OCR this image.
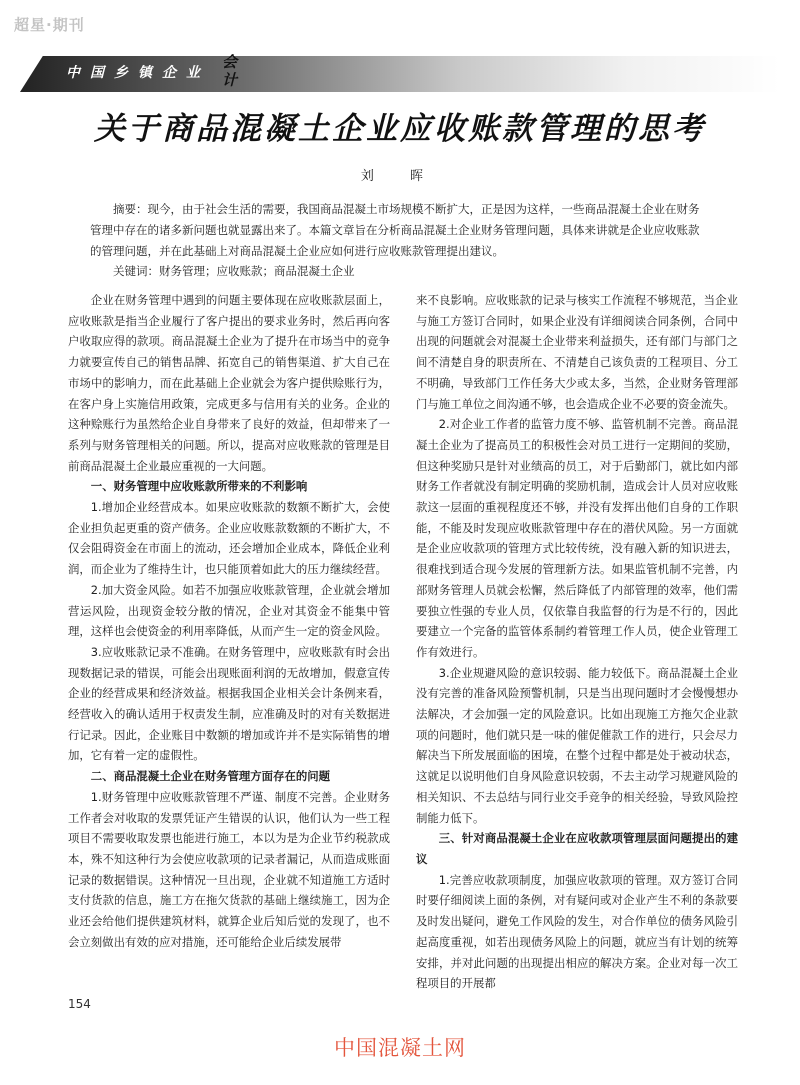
超星·期刊
中国乡镇企业
会计
关于商品混凝土企业应收账款管理的思考
刘 晖

摘要：现今，由于社会生活的需要，我国商品混凝土市场规模不断扩大，正是因为这样，一些商品混凝土企业在财务管理中存在的诸多新问题也就显露出来了。本篇文章旨在分析商品混凝土企业财务管理问题，具体来讲就是企业应收账款的管理问题，并在此基础上对商品混凝土企业应如何进行应收账款管理提出建议。

关键词：财务管理；应收账款；商品混凝土企业

企业在财务管理中遇到的问题主要体现在应收账款层面上，应收账款是指当企业履行了客户提出的要求业务时，然后再向客户收取应得的款项。商品混凝土企业为了提升在市场当中的竞争力就要宣传自己的销售品牌、拓宽自己的销售渠道、扩大自己在市场中的影响力，而在此基础上企业就会为客户提供赊账行为，在客户身上实施信用政策，完成更多与信用有关的业务。企业的这种赊账行为虽然给企业自身带来了良好的效益，但却带来了一系列与财务管理相关的问题。所以，提高对应收账款的管理是目前商品混凝土企业最应重视的一大问题。

一、财务管理中应收账款所带来的不利影响

1.增加企业经营成本。如果应收账款的数额不断扩大，会使企业担负起更重的资产债务。企业应收账款数额的不断扩大，不仅会阻碍资金在市面上的流动，还会增加企业成本，降低企业利润，而企业为了维持生计，也只能顶着如此大的压力继续经营。

2.加大资金风险。如若不加强应收账款管理，企业就会增加营运风险，出现资金较分散的情况，企业对其资金不能集中管理，这样也会使资金的利用率降低，从而产生一定的资金风险。

3.应收账款记录不准确。在财务管理中，应收账款有时会出现数据记录的错误，可能会出现账面利润的无故增加，假意宣传企业的经营成果和经济效益。根据我国企业相关会计条例来看，经营收入的确认适用于权责发生制，应准确及时的对有关数据进行记录。因此，企业账目中数额的增加或许并不是实际销售的增加，它有着一定的虚假性。

二、商品混凝土企业在财务管理方面存在的问题

1.财务管理中应收账款管理不严谨、制度不完善。企业财务工作者会对收取的发票凭证产生错误的认识，他们认为一些工程项目不需要收取发票也能进行施工，本以为是为企业节约税款成本，殊不知这种行为会使应收款项的记录者漏记，从而造成账面记录的数据错误。这种情况一旦出现，企业就不知道施工方适时支付货款的信息，施工方在拖欠货款的基础上继续施工，因为企业还会给他们提供建筑材料，就算企业后知后觉的发现了，也不会立刻做出有效的应对措施，还可能给企业后续发展带

来不良影响。应收账款的记录与核实工作流程不够规范，当企业与施工方签订合同时，如果企业没有详细阅读合同条例，合同中出现的问题就会对混凝土企业带来利益损失，还有部门与部门之间不清楚自身的职责所在、不清楚自己该负责的工程项目、分工不明确，导致部门工作任务大少或太多，当然，企业财务管理部门与施工单位之间沟通不够，也会造成企业不必要的资金流失。

2.对企业工作者的监管力度不够、监管机制不完善。商品混凝土企业为了提高员工的积极性会对员工进行一定期间的奖励，但这种奖励只是针对业绩高的员工，对于后勤部门，就比如内部财务工作者就没有制定明确的奖励机制，造成会计人员对应收账款这一层面的重视程度还不够，并没有发挥出他们自身的工作职能，不能及时发现应收账款管理中存在的潜伏风险。另一方面就是企业应收款项的管理方式比较传统，没有融入新的知识进去，很难找到适合现今发展的管理新方法。如果监管机制不完善，内部财务管理人员就会松懈，然后降低了内部管理的效率，他们需要独立性强的专业人员，仅依靠自我监督的行为是不行的，因此要建立一个完备的监管体系制约着管理工作人员，使企业管理工作有效进行。

3.企业规避风险的意识较弱、能力较低下。商品混凝土企业没有完善的准备风险预警机制，只是当出现问题时才会慢慢想办法解决，才会加强一定的风险意识。比如出现施工方拖欠企业款项的问题时，他们就只是一味的催促催款工作的进行，只会尽力解决当下所发展面临的困境，在整个过程中都是处于被动状态，这就足以说明他们自身风险意识较弱，不去主动学习规避风险的相关知识、不去总结与同行业交手竞争的相关经验，导致风险控制能力低下。

三、针对商品混凝土企业在应收款项管理层面问题提出的建议

1.完善应收款项制度，加强应收款项的管理。双方签订合同时要仔细阅读上面的条例，对有疑问或对企业产生不利的条款要及时发出疑问，避免工作风险的发生，对合作单位的债务风险引起高度重视，如若出现债务风险上的问题，就应当有计划的统筹安排，并对此问题的出现提出相应的解决方案。企业对每一次工程项目的开展都

154
中国混凝土网
